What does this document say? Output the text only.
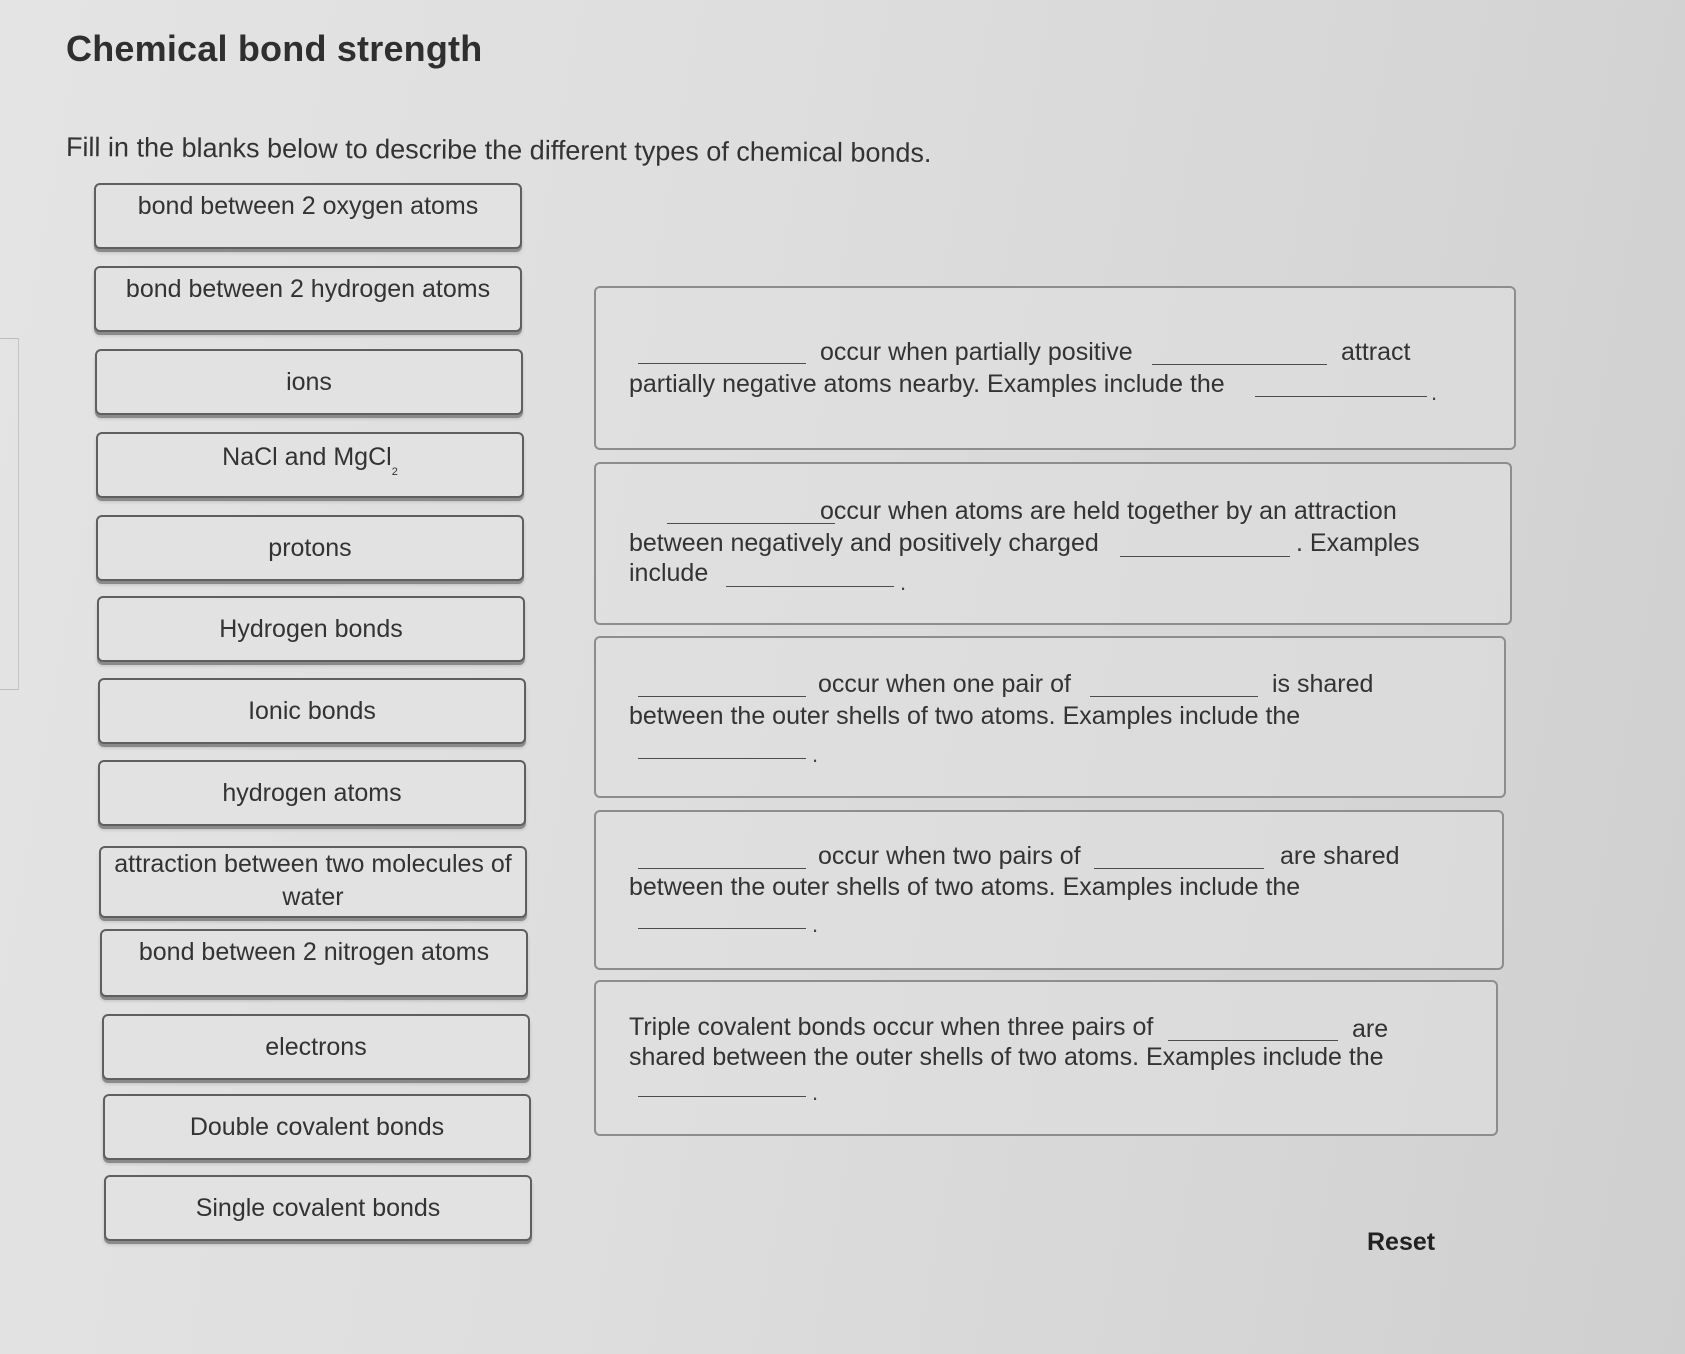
Chemical bond strength
Fill in the blanks below to describe the different types of chemical bonds.
bond between 2 oxygen atoms
bond between 2 hydrogen atoms
ions
NaCl and MgCl$_2$
protons
Hydrogen bonds
Ionic bonds
hydrogen atoms
attraction between two molecules of
water
bond between 2 nitrogen atoms
electrons
Double covalent bonds
Single covalent bonds
occur when partially positive	attract
partially negative atoms nearby. Examples include the	.
occur when atoms are held together by an attraction
between negatively and positively charged	. Examples
include	.
occur when one pair of	is shared
between the outer shells of two atoms. Examples include the
.
occur when two pairs of	are shared
between the outer shells of two atoms. Examples include the
.
Triple covalent bonds occur when three pairs of	are
shared between the outer shells of two atoms. Examples include the
.
Reset
